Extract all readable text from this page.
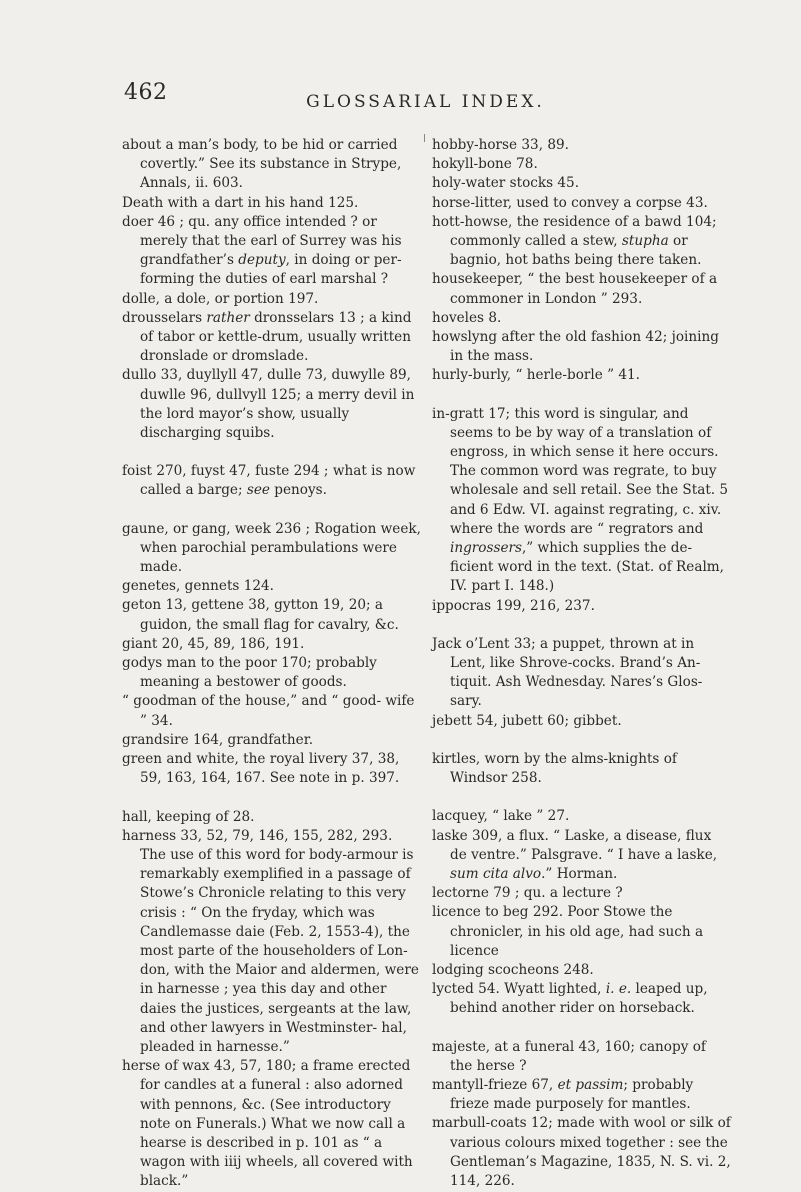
462	GLOSSARIAL INDEX.

about a man’s body, to be hid or carried covertly.” See its substance in Strype, Annals, ii. 603.

Death with a dart in his hand 125.

doer 46 ; qu. any office intended ? or merely that the earl of Surrey was his grandfather’s deputy, in doing or per- forming the duties of earl marshal ?

dolle, a dole, or portion 197.

drousselars rather dronsselars 13 ; a kind of tabor or kettle-drum, usually written dronslade or dromslade.

dullo 33, duyllyll 47, dulle 73, duwylle 89, duwlle 96, dullvyll 125; a merry devil in the lord mayor’s show, usually discharging squibs.

foist 270, fuyst 47, fuste 294 ; what is now called a barge; see penoys.

gaune, or gang, week 236 ; Rogation week, when parochial perambulations were made.

genetes, gennets 124.

geton 13, gettene 38, gytton 19, 20; a guidon, the small flag for cavalry, &c.

giant 20, 45, 89, 186, 191.

godys man to the poor 170; probably meaning a bestower of goods.

“ goodman of the house,” and “ good- wife ” 34.

grandsire 164, grandfather.

green and white, the royal livery 37, 38, 59, 163, 164, 167. See note in p. 397.

hall, keeping of 28.

harness 33, 52, 79, 146, 155, 282, 293. The use of this word for body-armour is remarkably exemplified in a passage of Stowe’s Chronicle relating to this very crisis : “ On the fryday, which was Candlemasse daie (Feb. 2, 1553-4), the most parte of the householders of Lon- don, with the Maior and aldermen, were in harnesse ; yea this day and other daies the justices, sergeants at the law, and other lawyers in Westminster- hal, pleaded in harnesse.”

herse of wax 43, 57, 180; a frame erected for candles at a funeral : also adorned with pennons, &c. (See introductory note on Funerals.) What we now call a hearse is described in p. 101 as “ a wagon with iiij wheels, all covered with black.”

hobby-horse 33, 89.

hokyll-bone 78.

holy-water stocks 45.

horse-litter, used to convey a corpse 43.

hott-howse, the residence of a bawd 104; commonly called a stew, stupha or bagnio, hot baths being there taken.

housekeeper, “ the best housekeeper of a commoner in London ” 293.

hoveles 8.

howslyng after the old fashion 42; joining in the mass.

hurly-burly, “ herle-borle ” 41.

in-gratt 17; this word is singular, and seems to be by way of a translation of engross, in which sense it here occurs. The common word was regrate, to buy wholesale and sell retail. See the Stat. 5 and 6 Edw. VI. against regrating, c. xiv. where the words are “ regrators and ingrossers,” which supplies the de- ficient word in the text. (Stat. of Realm, IV. part I. 148.)

ippocras 199, 216, 237.

Jack o’Lent 33; a puppet, thrown at in Lent, like Shrove-cocks. Brand’s An- tiquit. Ash Wednesday. Nares’s Glos- sary.

jebett 54, jubett 60; gibbet.

kirtles, worn by the alms-knights of Windsor 258.

lacquey, “ lake ” 27.

laske 309, a flux. “ Laske, a disease, flux de ventre.” Palsgrave. “ I have a laske, sum cita alvo.” Horman.

lectorne 79 ; qu. a lecture ?

licence to beg 292. Poor Stowe the chronicler, in his old age, had such a licence

lodging scocheons 248.

lycted 54. Wyatt lighted, i. e. leaped up, behind another rider on horseback.

majeste, at a funeral 43, 160; canopy of the herse ?

mantyll-frieze 67, et passim; probably frieze made purposely for mantles.

marbull-coats 12; made with wool or silk of various colours mixed together : see the Gentleman’s Magazine, 1835, N. S. vi. 2, 114, 226.
